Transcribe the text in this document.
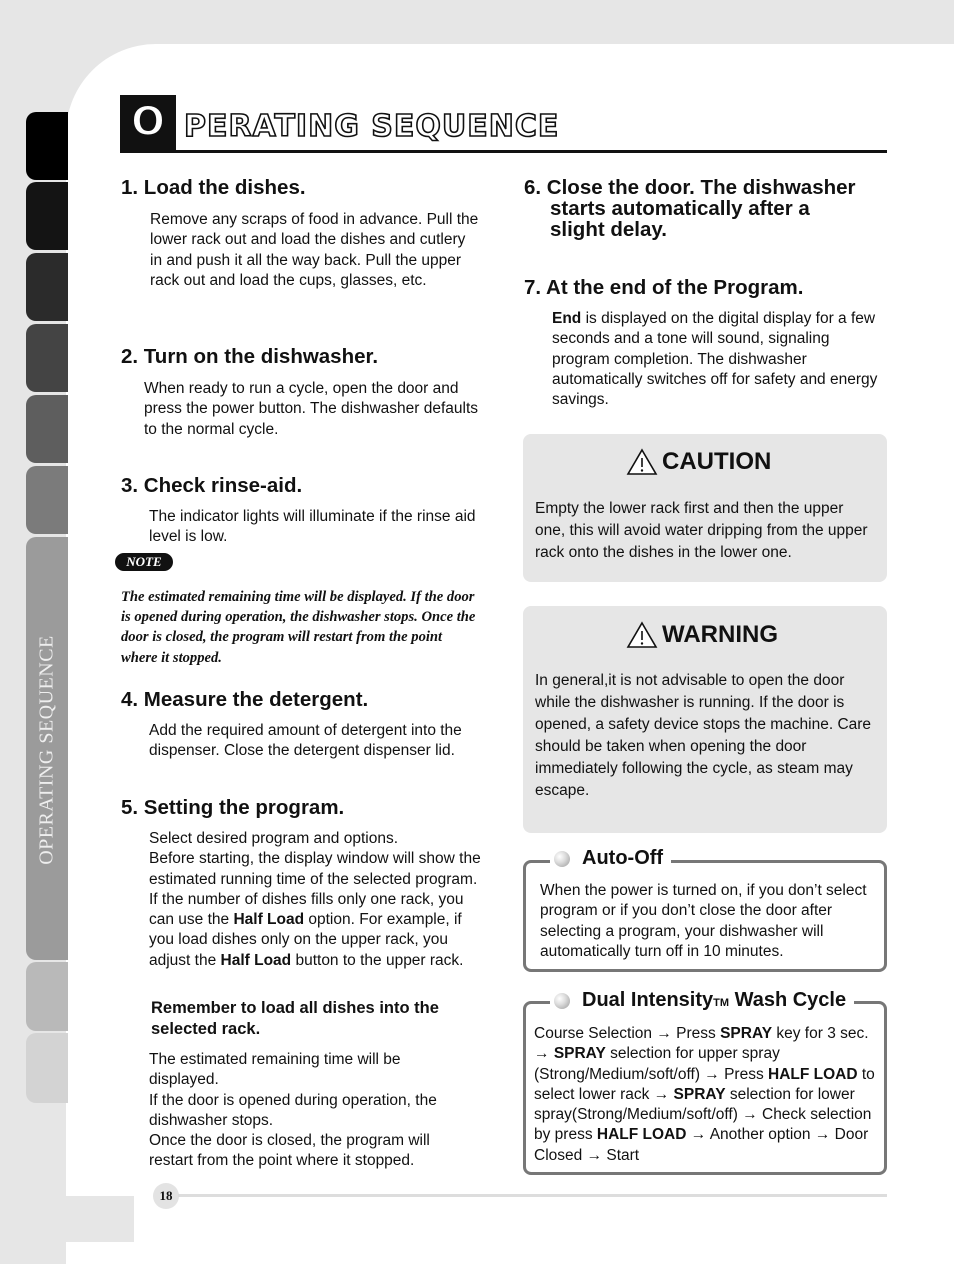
OPERATING SEQUENCE
O PERATING SEQUENCE
1. Load the dishes.

Remove any scraps of food in advance. Pull the lower rack out and load the dishes and cutlery in and push it all the way back. Pull the upper rack out and load the cups, glasses, etc.

2. Turn on the dishwasher.

When ready to run a cycle, open the door and press the power button. The dishwasher defaults to the normal cycle.

3. Check rinse-aid.

The indicator lights will illuminate if the rinse aid level is low.

NOTE

The estimated remaining time will be displayed. If the door is opened during operation, the dishwasher stops. Once the door is closed, the program will restart from the point where it stopped.

4. Measure the detergent.

Add the required amount of detergent into the dispenser. Close the detergent dispenser lid.

5. Setting the program.
Select desired program and options.
Before starting, the display window will show the estimated running time of the selected program. If the number of dishes fills only one rack, you can use the Half Load option. For example, if you load dishes only on the upper rack, you adjust the Half Load button to the upper rack.

Remember to load all dishes into the selected rack.

The estimated remaining time will be displayed.
If the door is opened during operation, the dishwasher stops.
Once the door is closed, the program will restart from the point where it stopped.
6. Close the door. The dishwasher
starts automatically after a
slight delay.
7. At the end of the Program.

End is displayed on the digital display for a few seconds and a tone will sound, signaling program completion. The dishwasher automatically switches off for safety and energy savings.

CAUTION

Empty the lower rack first and then the upper one, this will avoid water dripping from the upper rack onto the dishes in the lower one.

WARNING

In general,it is not advisable to open the door while the dishwasher is running. If the door is opened, a safety device stops the machine. Care should be taken when opening the door immediately following the cycle, as steam may escape.

Auto-Off

When the power is turned on, if you don’t select program or if you don’t close the door after selecting a program, your dishwasher will automatically turn off in 10 minutes.

Dual IntensityTM Wash Cycle
Course Selection → Press SPRAY key for 3 sec. → SPRAY selection for upper spray (Strong/Medium/soft/off) → Press HALF LOAD to select lower rack → SPRAY selection for lower spray(Strong/Medium/soft/off) → Check selection by press HALF LOAD → Another option → Door Closed → Start
18
